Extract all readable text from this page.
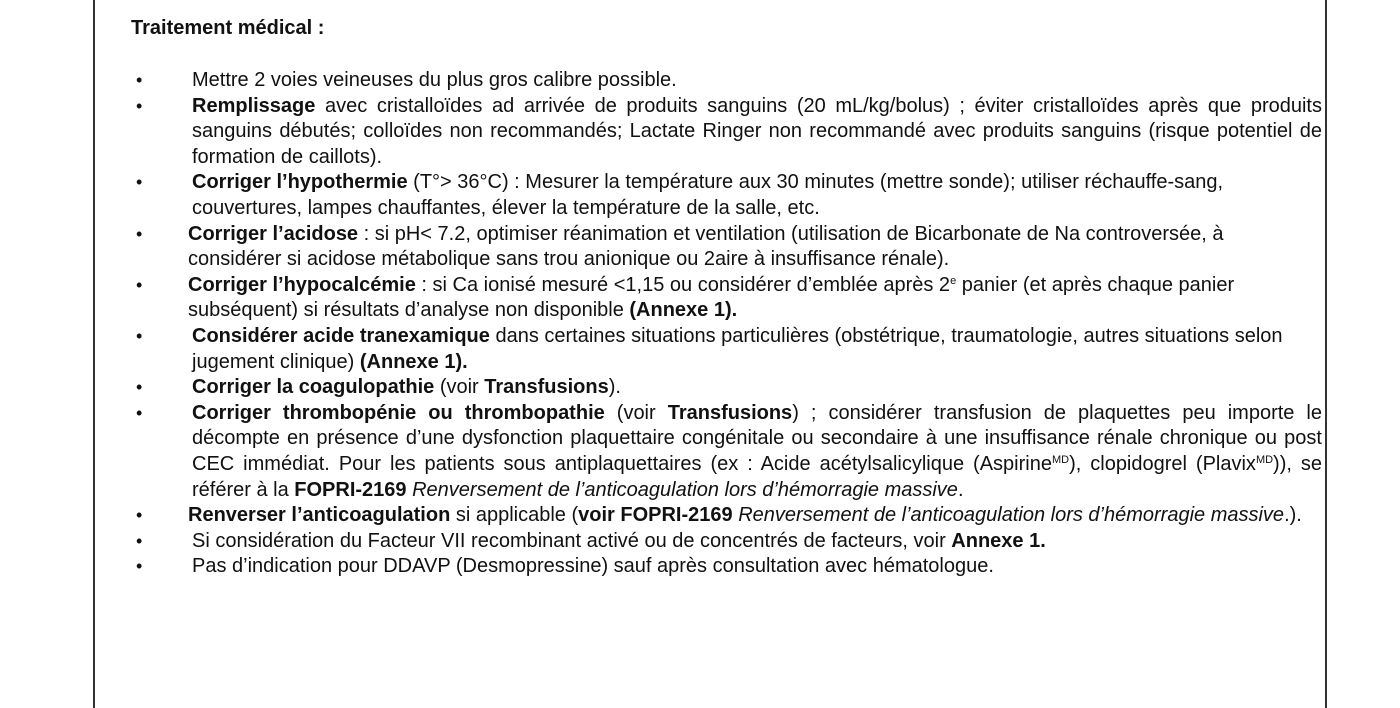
Traitement médical :
• Mettre 2 voies veineuses du plus gros calibre possible.
• Remplissage avec cristalloïdes ad arrivée de produits sanguins (20 mL/kg/bolus) ; éviter cristalloïdes après que produits sanguins débutés; colloïdes non recommandés; Lactate Ringer non recommandé avec produits sanguins (risque potentiel de formation de caillots).
• Corriger l’hypothermie (T°> 36°C) : Mesurer la température aux 30 minutes (mettre sonde); utiliser réchauffe-sang, couvertures, lampes chauffantes, élever la température de la salle, etc.
• Corriger l’acidose : si pH< 7.2, optimiser réanimation et ventilation (utilisation de Bicarbonate de Na controversée, à considérer si acidose métabolique sans trou anionique ou 2aire à insuffisance rénale).
• Corriger l’hypocalcémie : si Ca ionisé mesuré <1,15 ou considérer d’emblée après 2e panier (et après chaque panier subséquent) si résultats d’analyse non disponible (Annexe 1).
• Considérer acide tranexamique dans certaines situations particulières (obstétrique, traumatologie, autres situations selon jugement clinique) (Annexe 1).
• Corriger la coagulopathie (voir Transfusions).
• Corriger thrombopénie ou thrombopathie (voir Transfusions) ; considérer transfusion de plaquettes peu importe le décompte en présence d’une dysfonction plaquettaire congénitale ou secondaire à une insuffisance rénale chronique ou post CEC immédiat. Pour les patients sous antiplaquettaires (ex : Acide acétylsalicylique (Aspirine$^{MD}$), clopidogrel (Plavix$^{MD}$)), se référer à la FOPRI-2169 Renversement de l’anticoagulation lors d’hémorragie massive.
• Renverser l’anticoagulation si applicable (voir FOPRI-2169 Renversement de l’anticoagulation lors d’hémorragie massive.).
• Si considération du Facteur VII recombinant activé ou de concentrés de facteurs, voir Annexe 1.
• Pas d’indication pour DDAVP (Desmopressine) sauf après consultation avec hématologue.
